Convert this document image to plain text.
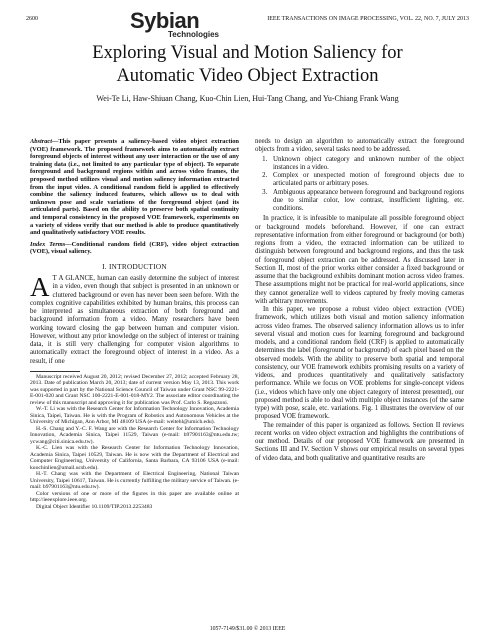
2600	IEEE TRANSACTIONS ON IMAGE PROCESSING, VOL. 22, NO. 7, JULY 2013
Sybian
Technologies
Exploring Visual and Motion Saliency for
Automatic Video Object Extraction
Wei-Te Li, Haw-Shiuan Chang, Kuo-Chin Lien, Hui-Tang Chang, and Yu-Chiang Frank Wang

Abstract—This paper presents a saliency-based video object extraction (VOE) framework. The proposed framework aims to automatically extract foreground objects of interest without any user interaction or the use of any training data (i.e., not limited to any particular type of object). To separate foreground and background regions within and across video frames, the proposed method utilizes visual and motion saliency information extracted from the input video. A conditional random field is applied to effectively combine the saliency induced features, which allows us to deal with unknown pose and scale variations of the foreground object (and its articulated parts). Based on the ability to preserve both spatial continuity and temporal consistency in the proposed VOE framework, experiments on a variety of videos verify that our method is able to produce quantitatively and qualitatively satisfactory VOE results.

Index Terms—Conditional random field (CRF), video object extraction (VOE), visual saliency.

I. INTRODUCTION

A T A GLANCE, human can easily determine the subject of interest in a video, even though that subject is presented in an unknown or cluttered background or even has never been seen before. With the complex cognitive capabilities exhibited by human brains, this process can be interpreted as simultaneous extraction of both foreground and background information from a video. Many researchers have been working toward closing the gap between human and computer vision. However, without any prior knowledge on the subject of interest or training data, it is still very challenging for computer vision algorithms to automatically extract the foreground object of interest in a video. As a result, if one

Manuscript received August 20, 2012; revised December 27, 2012; accepted February 28, 2013. Date of publication March 20, 2013; date of current version May 13, 2013. This work was supported in part by the National Science Council of Taiwan under Grant NSC 99-2221-E-001-020 and Grant NSC 100-2221-E-001-018-MY2. The associate editor coordinating the review of this manuscript and approving it for publication was Prof. Carlo S. Regazzoni.

W.-T. Li was with the Research Center for Information Technology Innovation, Academia Sinica, Taipei, Taiwan. He is with the Program of Robotics and Autonomous Vehicles at the University of Michigan, Ann Arbor, MI 48109 USA (e-mail: weitehl@umich.edu).

H.-S. Chang and Y.-C. F. Wang are with the Research Center for Information Technology Innovation, Academia Sinica, Taipei 11529, Taiwan (e-mail: b97901163@ntu.edu.tw; ycwang@citi.sinica.edu.tw).

K.-C. Lien was with the Research Center for Information Technology Innovation, Academia Sinica, Taipei 10529, Taiwan. He is now with the Department of Electrical and Computer Engineering, University of California, Santa Barbara, CA 93106 USA (e-mail: kuochinlien@umail.ucsb.edu).

H.-T. Chang was with the Department of Electrical Engineering, National Taiwan University, Taipei 10617, Taiwan. He is currently fulfilling the military service of Taiwan. (e-mail: b97901163@ntu.edu.tw).

Color versions of one or more of the figures in this paper are available online at http://ieeexplore.ieee.org.

Digital Object Identifier 10.1109/TIP.2013.2253483

needs to design an algorithm to automatically extract the foreground objects from a video, several tasks need to be addressed.

1. Unknown object category and unknown number of the object instances in a video.
2. Complex or unexpected motion of foreground objects due to articulated parts or arbitrary poses.
3. Ambiguous appearance between foreground and background regions due to similar color, low contrast, insufficient lighting, etc. conditions.

In practice, it is infeasible to manipulate all possible foreground object or background models beforehand. However, if one can extract representative information from either foreground or background (or both) regions from a video, the extracted information can be utilized to distinguish between foreground and background regions, and thus the task of foreground object extraction can be addressed. As discussed later in Section II, most of the prior works either consider a fixed background or assume that the background exhibits dominant motion across video frames. These assumptions might not be practical for real-world applications, since they cannot generalize well to videos captured by freely moving cameras with arbitrary movements.

In this paper, we propose a robust video object extraction (VOE) framework, which utilizes both visual and motion saliency information across video frames. The observed saliency information allows us to infer several visual and motion cues for learning foreground and background models, and a conditional random field (CRF) is applied to automatically determines the label (foreground or background) of each pixel based on the observed models. With the ability to preserve both spatial and temporal consistency, our VOE framework exhibits promising results on a variety of videos, and produces quantitatively and qualitatively satisfactory performance. While we focus on VOE problems for single-concept videos (i.e., videos which have only one object category of interest presented), our proposed method is able to deal with multiple object instances (of the same type) with pose, scale, etc. variations. Fig. 1 illustrates the overview of our proposed VOE framework.

The remainder of this paper is organized as follows. Section II reviews recent works on video object extraction and highlights the contributions of our method. Details of our proposed VOE framework are presented in Sections III and IV. Section V shows our empirical results on several types of video data, and both qualitative and quantitative results are

1057-7149/$31.00 © 2013 IEEE
